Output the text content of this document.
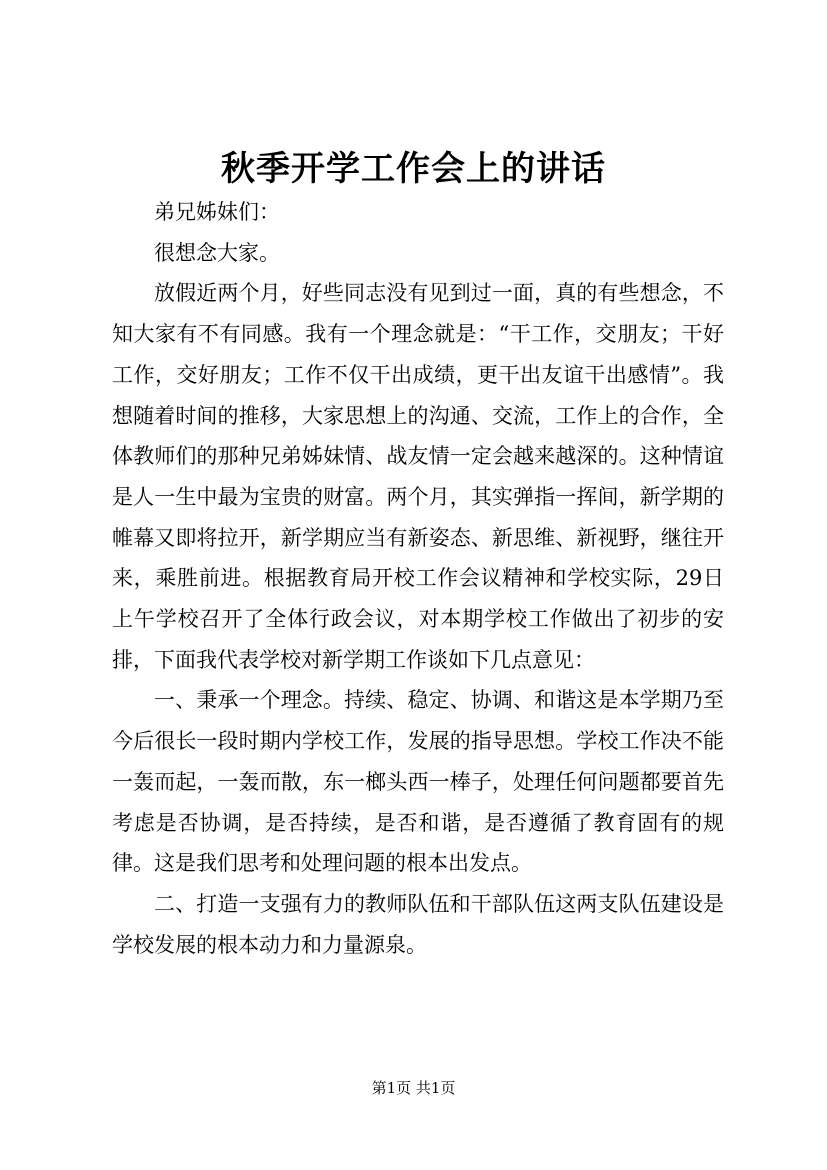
秋季开学工作会上的讲话

弟兄姊妹们：

很想念大家。

放假近两个月，好些同志没有见到过一面，真的有些想念，不知大家有不有同感。我有一个理念就是：“干工作，交朋友；干好工作，交好朋友；工作不仅干出成绩，更干出友谊干出感情”。我想随着时间的推移，大家思想上的沟通、交流，工作上的合作，全体教师们的那种兄弟姊妹情、战友情一定会越来越深的。这种情谊是人一生中最为宝贵的财富。两个月，其实弹指一挥间，新学期的帷幕又即将拉开，新学期应当有新姿态、新思维、新视野，继往开来，乘胜前进。根据教育局开校工作会议精神和学校实际，29日上午学校召开了全体行政会议，对本期学校工作做出了初步的安排，下面我代表学校对新学期工作谈如下几点意见：

一、秉承一个理念。持续、稳定、协调、和谐这是本学期乃至今后很长一段时期内学校工作，发展的指导思想。学校工作决不能一轰而起，一轰而散，东一榔头西一棒子，处理任何问题都要首先考虑是否协调，是否持续，是否和谐，是否遵循了教育固有的规律。这是我们思考和处理问题的根本出发点。

二、打造一支强有力的教师队伍和干部队伍这两支队伍建设是学校发展的根本动力和力量源泉。

第1页 共1页
